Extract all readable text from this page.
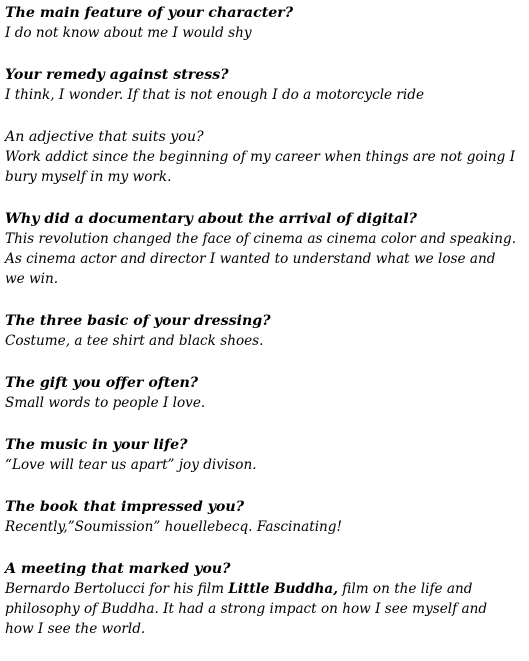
The main feature of your character?

I do not know about me I would shy

Your remedy against stress?

I think, I wonder. If that is not enough I do a motorcycle ride

An adjective that suits you?

Work addict since the beginning of my career when things are not going I bury myself in my work.

Why did a documentary about the arrival of digital?

This revolution changed the face of cinema as cinema color and speaking. As cinema actor and director I wanted to understand what we lose and we win.

The three basic of your dressing?

Costume, a tee shirt and black shoes.

The gift you offer often?

Small words to people I love.

The music in your life?

“Love will tear us apart” joy divison.

The book that impressed you?

Recently,”Soumission” houellebecq. Fascinating!

A meeting that marked you?

Bernardo Bertolucci for his film Little Buddha, film on the life and philosophy of Buddha. It had a strong impact on how I see myself and how I see the world.
